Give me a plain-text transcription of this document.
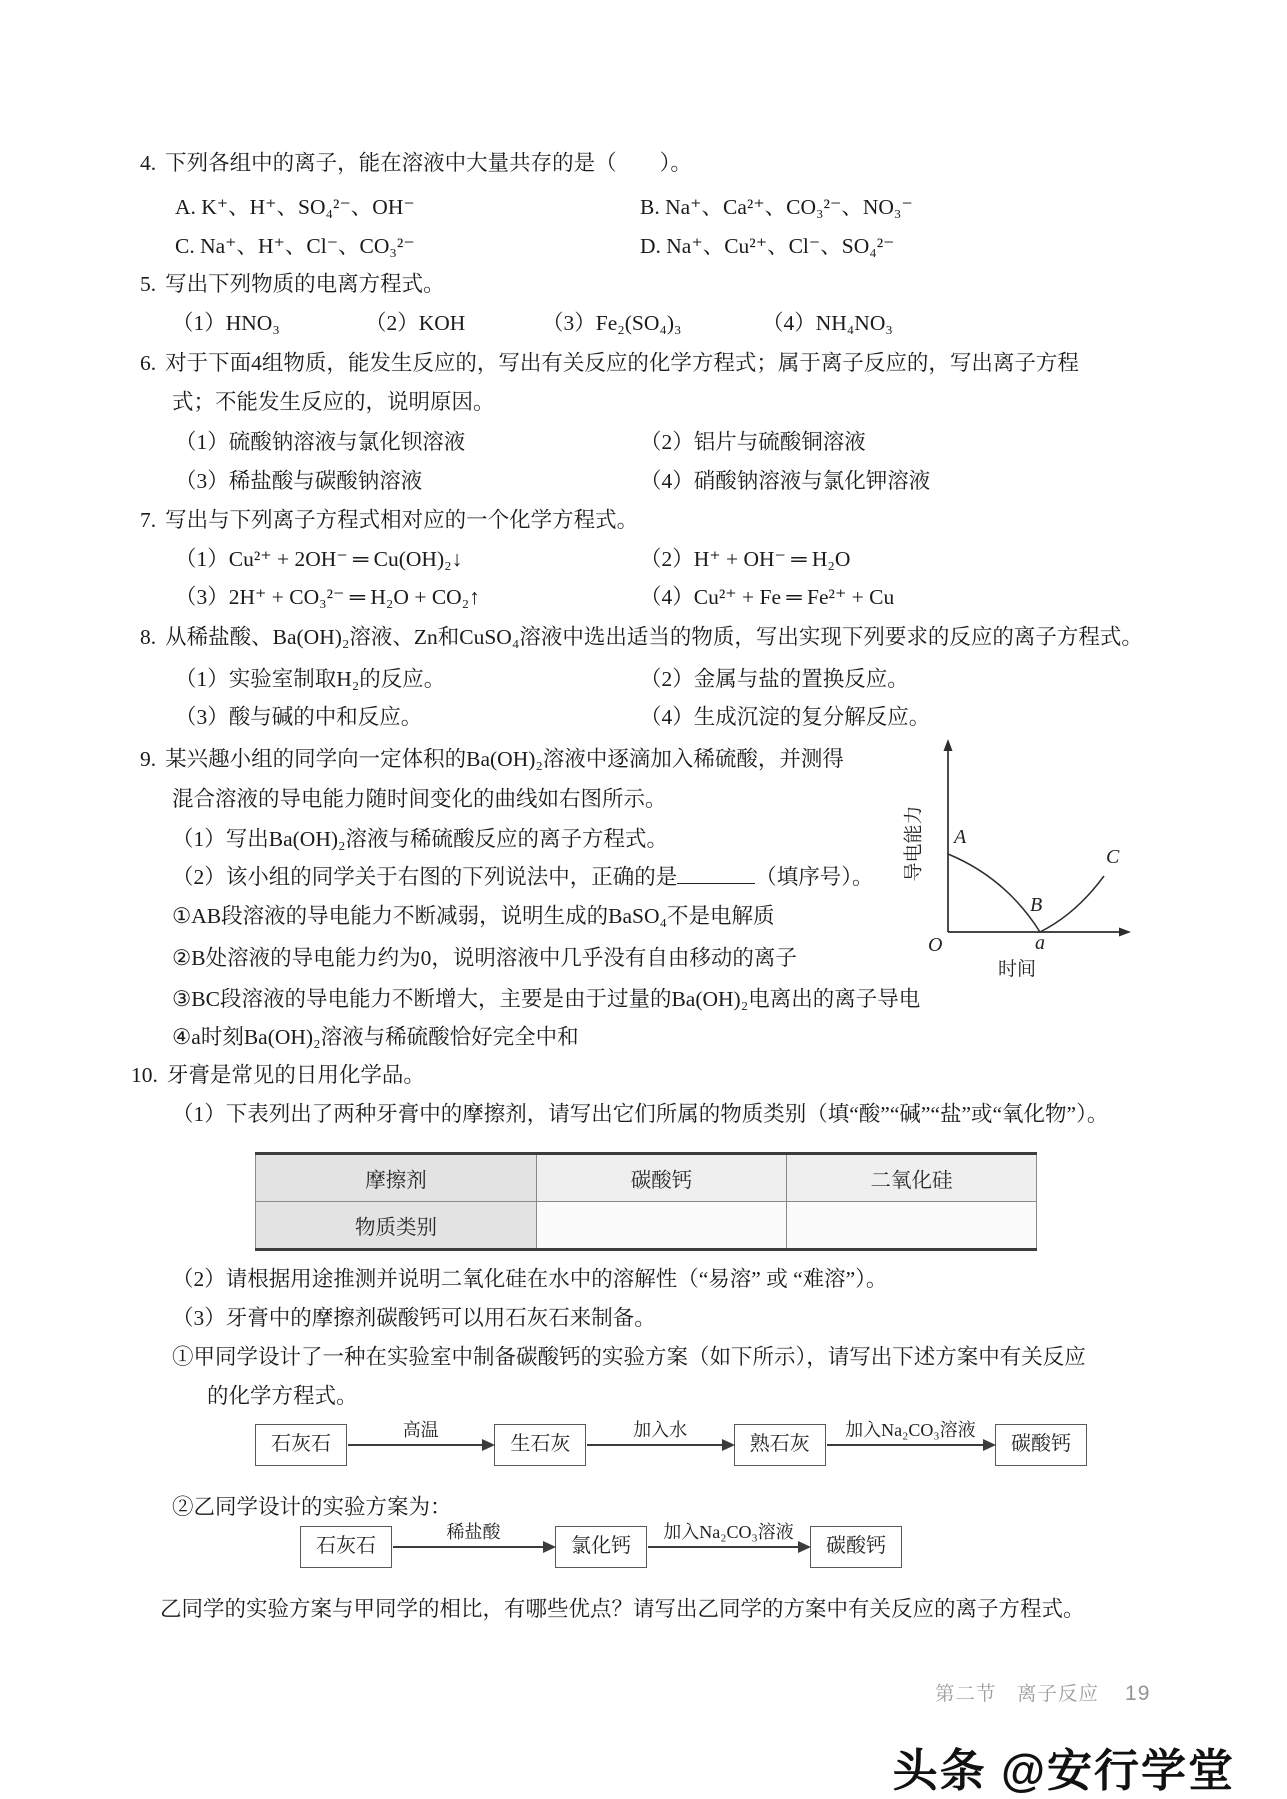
4. 下列各组中的离子，能在溶液中大量共存的是（　　）。
A. K⁺、H⁺、SO₄²⁻、OH⁻	B. Na⁺、Ca²⁺、CO₃²⁻、NO₃⁻
C. Na⁺、H⁺、Cl⁻、CO₃²⁻	D. Na⁺、Cu²⁺、Cl⁻、SO₄²⁻
5. 写出下列物质的电离方程式。
（1）HNO₃	（2）KOH	（3）Fe₂(SO₄)₃	（4）NH₄NO₃
6. 对于下面4组物质，能发生反应的，写出有关反应的化学方程式；属于离子反应的，写出离子方程
式；不能发生反应的，说明原因。
（1）硫酸钠溶液与氯化钡溶液	（2）铝片与硫酸铜溶液
（3）稀盐酸与碳酸钠溶液	（4）硝酸钠溶液与氯化钾溶液
7. 写出与下列离子方程式相对应的一个化学方程式。
（1）Cu²⁺ + 2OH⁻ ═ Cu(OH)₂↓	（2）H⁺ + OH⁻ ═ H₂O
（3）2H⁺ + CO₃²⁻ ═ H₂O + CO₂↑	（4）Cu²⁺ + Fe ═ Fe²⁺ + Cu
8. 从稀盐酸、Ba(OH)₂溶液、Zn和CuSO₄溶液中选出适当的物质，写出实现下列要求的反应的离子方程式。
（1）实验室制取H₂的反应。	（2）金属与盐的置换反应。
（3）酸与碱的中和反应。	（4）生成沉淀的复分解反应。
9. 某兴趣小组的同学向一定体积的Ba(OH)₂溶液中逐滴加入稀硫酸，并测得
混合溶液的导电能力随时间变化的曲线如右图所示。
（1）写出Ba(OH)₂溶液与稀硫酸反应的离子方程式。
（2）该小组的同学关于右图的下列说法中，正确的是	（填序号）。
①AB段溶液的导电能力不断减弱，说明生成的BaSO₄不是电解质
②B处溶液的导电能力约为0，说明溶液中几乎没有自由移动的离子
③BC段溶液的导电能力不断增大，主要是由于过量的Ba(OH)₂电离出的离子导电
④a时刻Ba(OH)₂溶液与稀硫酸恰好完全中和
导电能力 A
B
C
O	a
时间
10. 牙膏是常见的日用化学品。
（1）下表列出了两种牙膏中的摩擦剂，请写出它们所属的物质类别（填“酸”“碱”“盐”或“氧化物”）。
摩擦剂	碳酸钙	二氧化硅
物质类别		
（2）请根据用途推测并说明二氧化硅在水中的溶解性（“易溶” 或 “难溶”）。
（3）牙膏中的摩擦剂碳酸钙可以用石灰石来制备。
①甲同学设计了一种在实验室中制备碳酸钙的实验方案（如下所示），请写出下述方案中有关反应
的化学方程式。
石灰石
高温
生石灰
加入水
熟石灰
加入Na₂CO₃溶液
碳酸钙
②乙同学设计的实验方案为：
石灰石
稀盐酸
氯化钙
加入Na₂CO₃溶液
碳酸钙
乙同学的实验方案与甲同学的相比，有哪些优点？请写出乙同学的方案中有关反应的离子方程式。
第二节　离子反应 19
头条 @安行学堂
